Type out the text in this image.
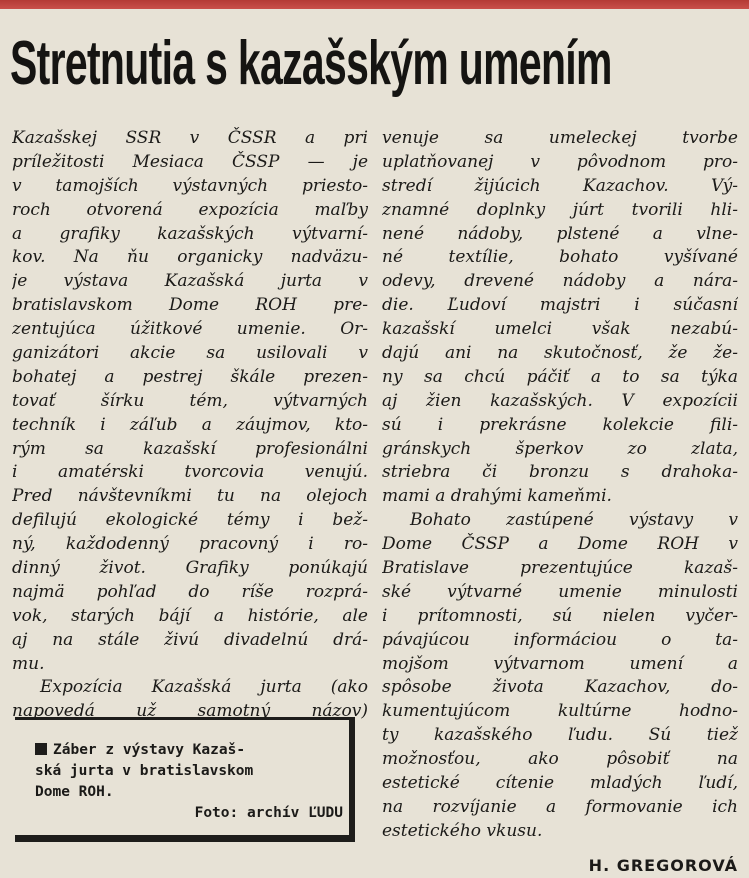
Stretnutia s kazašským umením
Kazašskej SSR v ČSSR a pri
príležitosti Mesiaca ČSSP — je
v tamojších výstavných priesto-
roch otvorená expozícia maľby
a grafiky kazašských výtvarní-
kov. Na ňu organicky nadväzu-
je výstava Kazašská jurta v
bratislavskom Dome ROH pre-
zentujúca úžitkové umenie. Or-
ganizátori akcie sa usilovali v
bohatej a pestrej škále prezen-
tovať šírku tém, výtvarných
techník i záľub a záujmov, kto-
rým sa kazašskí profesionálni
i amatérski tvorcovia venujú.
Pred návštevníkmi tu na olejoch
defilujú ekologické témy i bež-
ný, každodenný pracovný i ro-
dinný život. Grafiky ponúkajú
najmä pohľad do ríše rozprá-
vok, starých bájí a histórie, ale
aj na stále živú divadelnú drá-
mu.
Expozícia Kazašská jurta (ako
napovedá už samotný názov)
venuje sa umeleckej tvorbe
uplatňovanej v pôvodnom pro-
stredí žijúcich Kazachov. Vý-
znamné doplnky júrt tvorili hli-
nené nádoby, plstené a vlne-
né textílie, bohato vyšívané
odevy, drevené nádoby a nára-
die. Ľudoví majstri i súčasní
kazašskí umelci však nezabú-
dajú ani na skutočnosť, že že-
ny sa chcú páčiť a to sa týka
aj žien kazašských. V expozícii
sú i prekrásne kolekcie fili-
gránskych šperkov zo zlata,
striebra či bronzu s drahoka-
mami a drahými kameňmi.
Bohato zastúpené výstavy v
Dome ČSSP a Dome ROH v
Bratislave prezentujúce kazaš-
ské výtvarné umenie minulosti
i prítomnosti, sú nielen vyčer-
pávajúcou informáciou o ta-
mojšom výtvarnom umení a
spôsobe života Kazachov, do-
kumentujúcom kultúrne hodno-
ty kazašského ľudu. Sú tiež
možnosťou, ako pôsobiť na
estetické cítenie mladých ľudí,
na rozvíjanie a formovanie ich
estetického vkusu.
H. GREGOROVÁ
Záber z výstavy Kazaš-
ská jurta v bratislavskom
Dome ROH.
Foto: archív ĽUDU
